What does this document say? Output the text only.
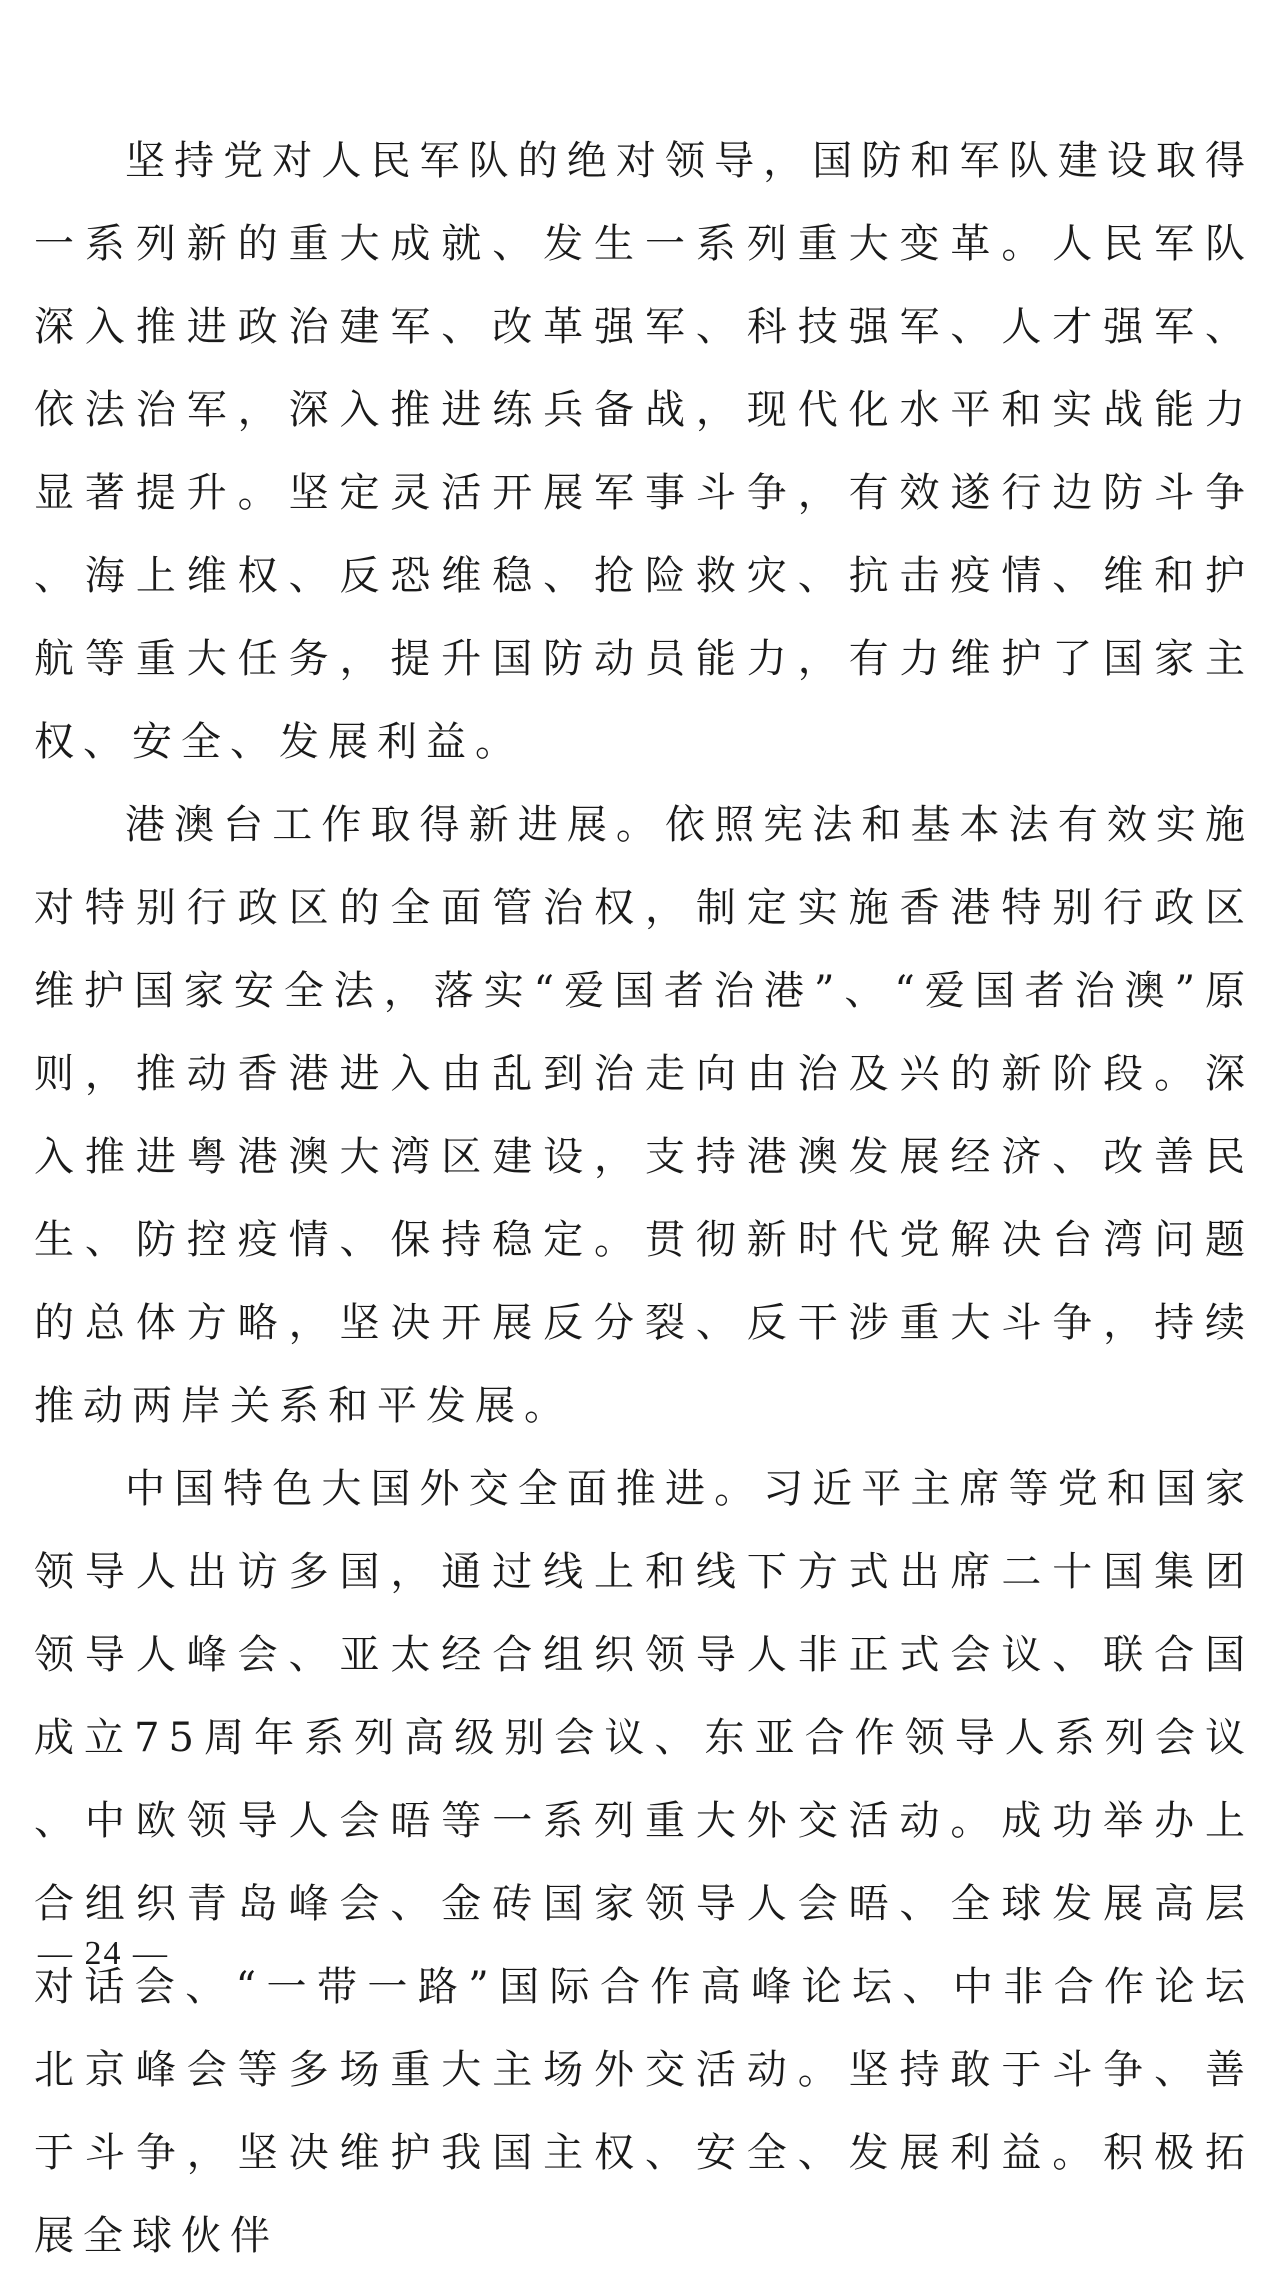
坚持党对人民军队的绝对领导，国防和军队建设取得一系列新的重大成就、发生一系列重大变革。人民军队深入推进政治建军、改革强军、科技强军、人才强军、依法治军，深入推进练兵备战，现代化水平和实战能力显著提升。坚定灵活开展军事斗争，有效遂行边防斗争、海上维权、反恐维稳、抢险救灾、抗击疫情、维和护航等重大任务，提升国防动员能力，有力维护了国家主权、安全、发展利益。

港澳台工作取得新进展。依照宪法和基本法有效实施对特别行政区的全面管治权，制定实施香港特别行政区维护国家安全法，落实“爱国者治港”、“爱国者治澳”原则，推动香港进入由乱到治走向由治及兴的新阶段。深入推进粤港澳大湾区建设，支持港澳发展经济、改善民生、防控疫情、保持稳定。贯彻新时代党解决台湾问题的总体方略，坚决开展反分裂、反干涉重大斗争，持续推动两岸关系和平发展。

中国特色大国外交全面推进。习近平主席等党和国家领导人出访多国，通过线上和线下方式出席二十国集团领导人峰会、亚太经合组织领导人非正式会议、联合国成立75周年系列高级别会议、东亚合作领导人系列会议、中欧领导人会晤等一系列重大外交活动。成功举办上合组织青岛峰会、金砖国家领导人会晤、全球发展高层对话会、“一带一路”国际合作高峰论坛、中非合作论坛北京峰会等多场重大主场外交活动。坚持敢于斗争、善于斗争，坚决维护我国主权、安全、发展利益。积极拓展全球伙伴

— 24 —
